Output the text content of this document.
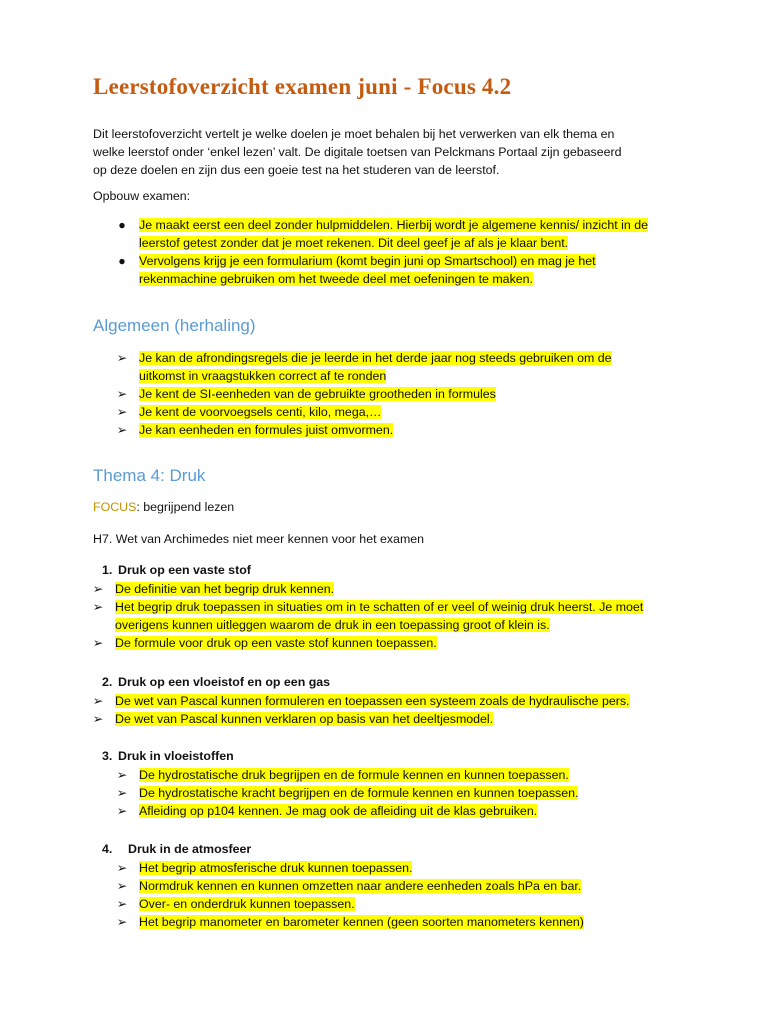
Leerstofoverzicht examen juni - Focus 4.2

Dit leerstofoverzicht vertelt je welke doelen je moet behalen bij het verwerken van elk thema en
welke leerstof onder ‘enkel lezen’ valt. De digitale toetsen van Pelckmans Portaal zijn gebaseerd
op deze doelen en zijn dus een goeie test na het studeren van de leerstof.

Opbouw examen:

● Je maakt eerst een deel zonder hulpmiddelen. Hierbij wordt je algemene kennis/ inzicht in de
leerstof getest zonder dat je moet rekenen. Dit deel geef je af als je klaar bent.
● Vervolgens krijg je een formularium (komt begin juni op Smartschool) en mag je het
rekenmachine gebruiken om het tweede deel met oefeningen te maken.
Algemeen (herhaling)
➢ Je kan de afrondingsregels die je leerde in het derde jaar nog steeds gebruiken om de
uitkomst in vraagstukken correct af te ronden
➢ Je kent de SI-eenheden van de gebruikte grootheden in formules
➢ Je kent de voorvoegsels centi, kilo, mega,…
➢ Je kan eenheden en formules juist omvormen.
Thema 4: Druk

FOCUS: begrijpend lezen

H7. Wet van Archimedes niet meer kennen voor het examen

1. Druk op een vaste stof

➢ De definitie van het begrip druk kennen.
➢ Het begrip druk toepassen in situaties om in te schatten of er veel of weinig druk heerst. Je moet
overigens kunnen uitleggen waarom de druk in een toepassing groot of klein is.
➢ De formule voor druk op een vaste stof kunnen toepassen.

2. Druk op een vloeistof en op een gas

➢ De wet van Pascal kunnen formuleren en toepassen een systeem zoals de hydraulische pers.
➢ De wet van Pascal kunnen verklaren op basis van het deeltjesmodel.

3. Druk in vloeistoffen

➢ De hydrostatische druk begrijpen en de formule kennen en kunnen toepassen.
➢ De hydrostatische kracht begrijpen en de formule kennen en kunnen toepassen.
➢ Afleiding op p104 kennen. Je mag ook de afleiding uit de klas gebruiken.

4. Druk in de atmosfeer

➢ Het begrip atmosferische druk kunnen toepassen.
➢ Normdruk kennen en kunnen omzetten naar andere eenheden zoals hPa en bar.
➢ Over- en onderdruk kunnen toepassen.
➢ Het begrip manometer en barometer kennen (geen soorten manometers kennen)
